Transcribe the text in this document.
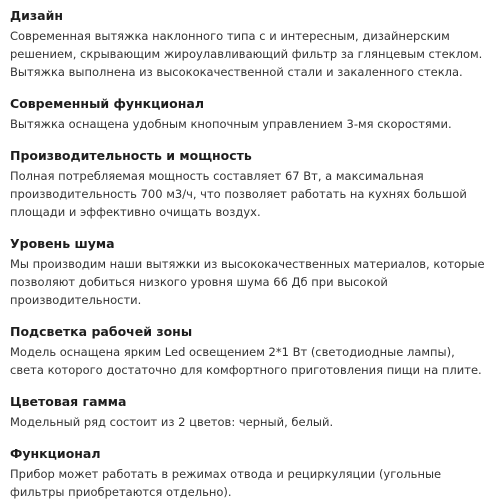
Дизайн

Современная вытяжка наклонного типа с и интересным, дизайнерским решением, скрывающим жироулавливающий фильтр за глянцевым стеклом. Вытяжка выполнена из высококачественной стали и закаленного стекла.

Современный функционал

Вытяжка оснащена удобным кнопочным управлением 3-мя скоростями.

Производительность и мощность

Полная потребляемая мощность составляет 67 Вт, а максимальная производительность 700 м3/ч, что позволяет работать на кухнях большой площади и эффективно очищать воздух.

Уровень шума

Мы производим наши вытяжки из высококачественных материалов, которые позволяют добиться низкого уровня шума 66 Дб при высокой производительности.

Подсветка рабочей зоны

Модель оснащена ярким Led освещением 2*1 Вт (светодиодные лампы), света которого достаточно для комфортного приготовления пищи на плите.

Цветовая гамма

Модельный ряд состоит из 2 цветов: черный, белый.

Функционал

Прибор может работать в режимах отвода и рециркуляции (угольные фильтры приобретаются отдельно).
